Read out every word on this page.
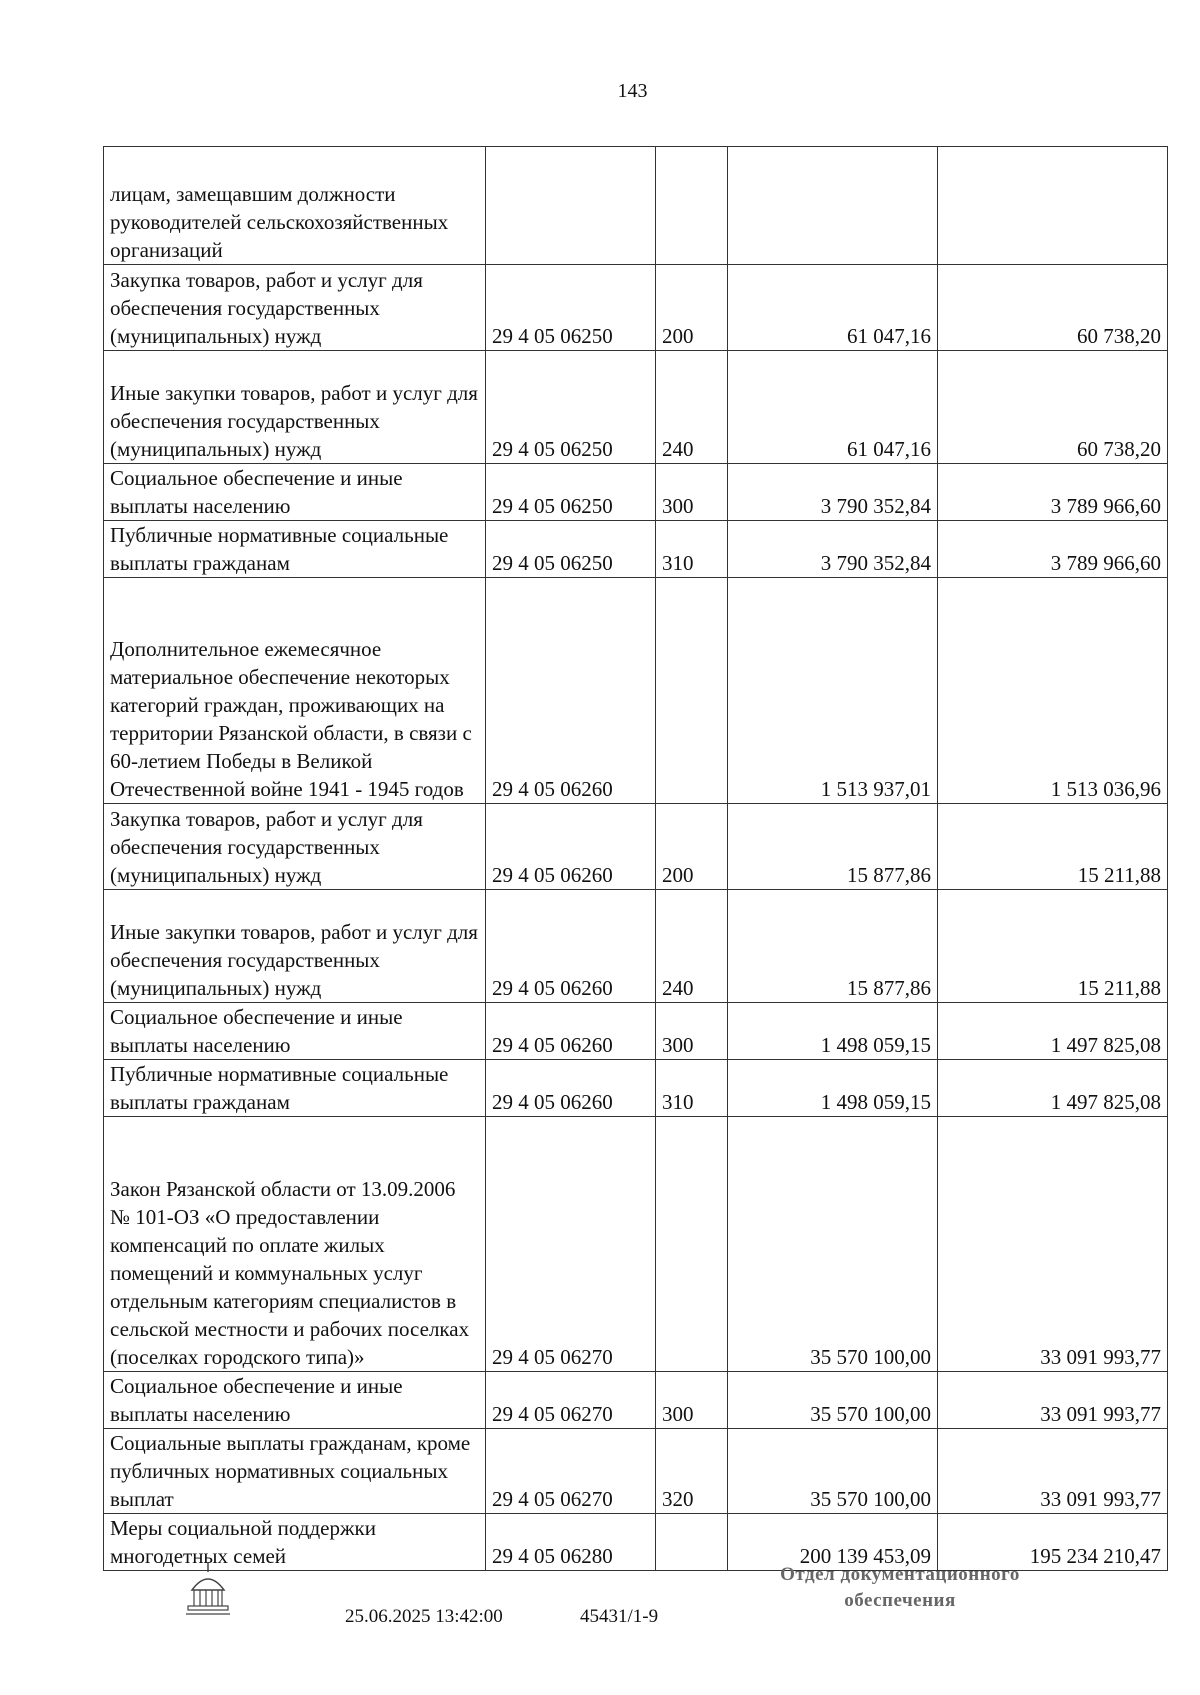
143
лицам, замещавшим должности руководителей сельскохозяйственных организаций				
Закупка товаров, работ и услуг для обеспечения государственных (муниципальных) нужд	29 4 05 06250	200	61 047,16	60 738,20
Иные закупки товаров, работ и услуг для обеспечения государственных (муниципальных) нужд	29 4 05 06250	240	61 047,16	60 738,20
Социальное обеспечение и иные выплаты населению	29 4 05 06250	300	3 790 352,84	3 789 966,60
Публичные нормативные социальные выплаты гражданам	29 4 05 06250	310	3 790 352,84	3 789 966,60
Дополнительное ежемесячное материальное обеспечение некоторых категорий граждан, проживающих на территории Рязанской области, в связи с 60-летием Победы в Великой Отечественной войне 1941 - 1945 годов	29 4 05 06260		1 513 937,01	1 513 036,96
Закупка товаров, работ и услуг для обеспечения государственных (муниципальных) нужд	29 4 05 06260	200	15 877,86	15 211,88
Иные закупки товаров, работ и услуг для обеспечения государственных (муниципальных) нужд	29 4 05 06260	240	15 877,86	15 211,88
Социальное обеспечение и иные выплаты населению	29 4 05 06260	300	1 498 059,15	1 497 825,08
Публичные нормативные социальные выплаты гражданам	29 4 05 06260	310	1 498 059,15	1 497 825,08
Закон Рязанской области от 13.09.2006 № 101-ОЗ «О предоставлении компенсаций по оплате жилых помещений и коммунальных услуг отдельным категориям специалистов в сельской местности и рабочих поселках (поселках городского типа)»	29 4 05 06270		35 570 100,00	33 091 993,77
Социальное обеспечение и иные выплаты населению	29 4 05 06270	300	35 570 100,00	33 091 993,77
Социальные выплаты гражданам, кроме публичных нормативных социальных выплат	29 4 05 06270	320	35 570 100,00	33 091 993,77
Меры социальной поддержки многодетных семей	29 4 05 06280		200 139 453,09	195 234 210,47
25.06.2025 13:42:00	45431/1-9
Отдел документационного
обеспечения
